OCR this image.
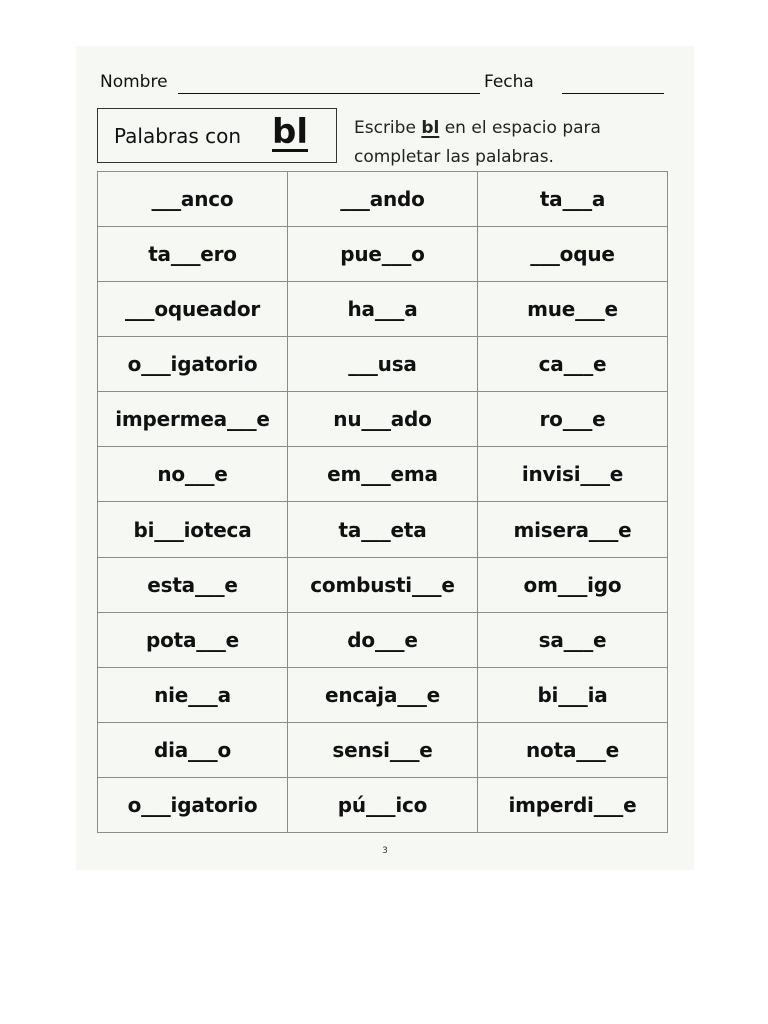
Nombre	Fecha
Palabras con bl	Escribe bl en el espacio para
completar las palabras.
___anco	___ando	ta___a
ta___ero	pue___o	___oque
___oqueador	ha___a	mue___e
o___igatorio	___usa	ca___e
impermea___e	nu___ado	ro___e
no___e	em___ema	invisi___e
bi___ioteca	ta___eta	misera___e
esta___e	combusti___e	om___igo
pota___e	do___e	sa___e
nie___a	encaja___e	bi___ia
dia___o	sensi___e	nota___e
o___igatorio	pú___ico	imperdi___e
3
